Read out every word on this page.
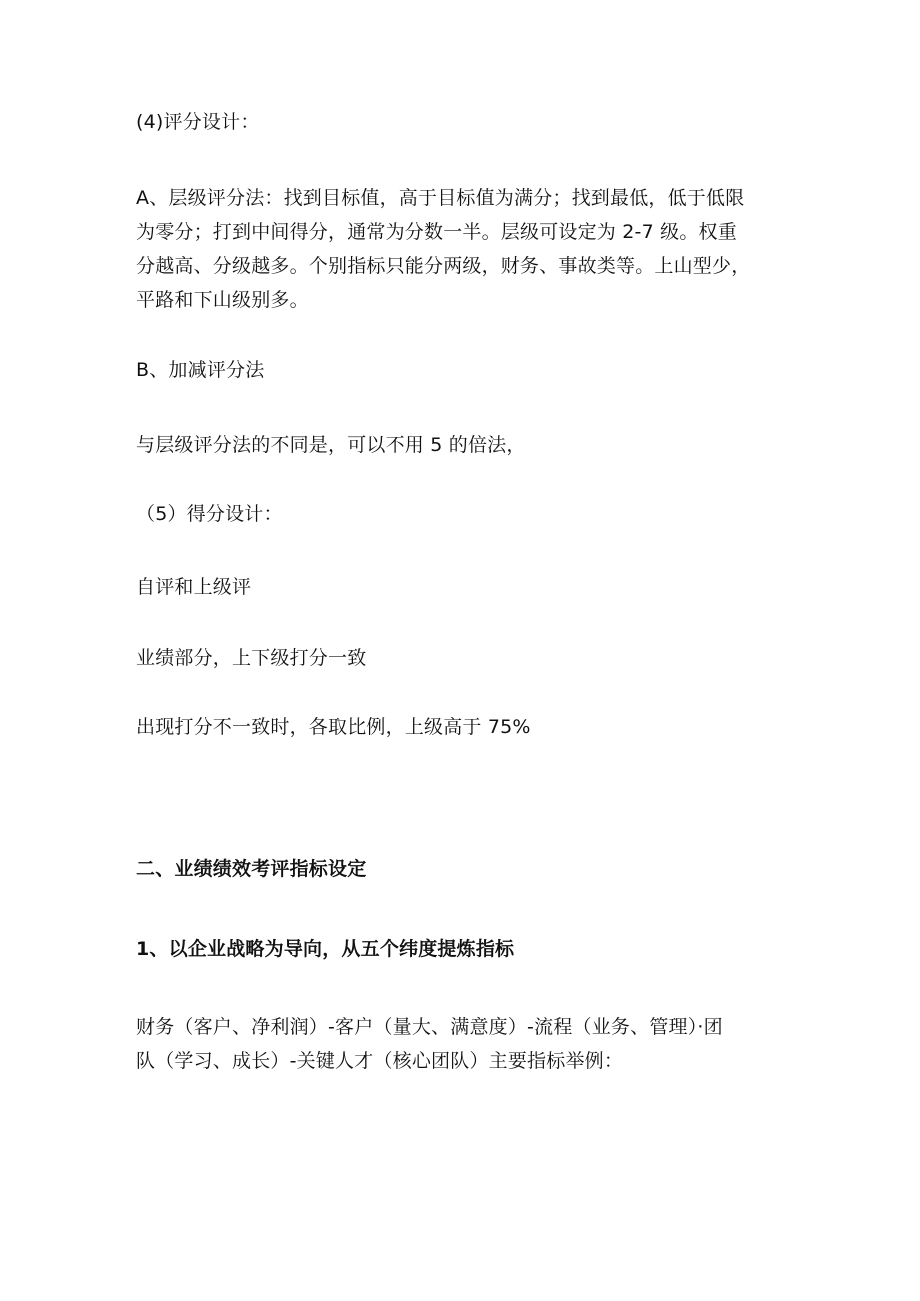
(4)评分设计：

A、层级评分法：找到目标值，高于目标值为满分；找到最低，低于低限
为零分；打到中间得分，通常为分数一半。层级可设定为 2-7 级。权重
分越高、分级越多。个别指标只能分两级，财务、事故类等。上山型少，
平路和下山级别多。

B、加减评分法

与层级评分法的不同是，可以不用 5 的倍法，

（5）得分设计：

自评和上级评

业绩部分，上下级打分一致

出现打分不一致时，各取比例，上级高于 75%

二、业绩绩效考评指标设定

1、以企业战略为导向，从五个纬度提炼指标

财务（客户、净利润）-客户（量大、满意度）-流程（业务、管理）·团
队（学习、成长）-关键人才（核心团队）主要指标举例：
